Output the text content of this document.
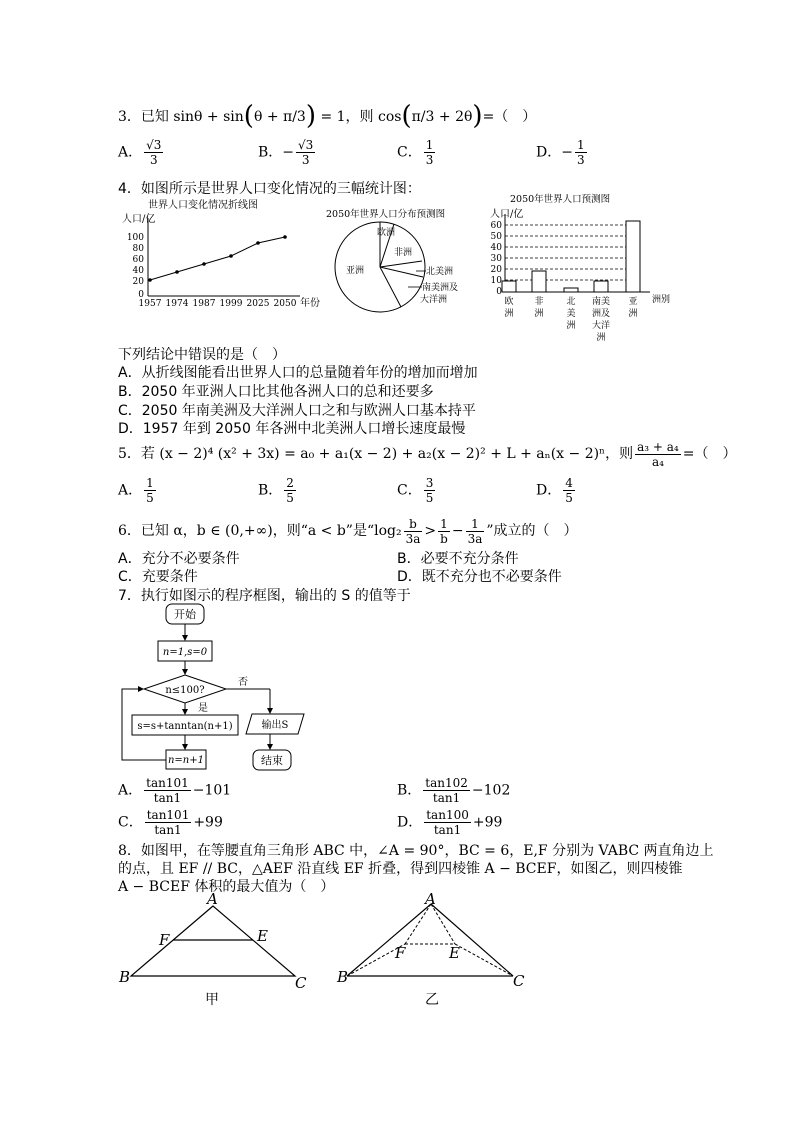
3．已知 sinθ + sin(θ + π/3) = 1，则 cos(π/3 + 2θ)=（　）
A． $\frac{√3}{3}$	B．− $\frac{√3}{3}$	C． $\frac{1}{3}$	D．− $\frac{1}{3}$
4．如图所示是世界人口变化情况的三幅统计图：
世界人口变化情况折线图
人口/亿
100
80
60
40
20
0
1957 1974 1987 1999 2025 2050 年份
2050年世界人口分布预测图
欧洲
非洲
亚洲	北美洲
南美洲及
大洋洲
2050年世界人口预测图
人口/亿
60
50
40
30
20
10
0
洲别
欧
洲
非
洲
北
美
洲
南美
洲及
大洋
洲
亚
洲
下列结论中错误的是（　）
A．从折线图能看出世界人口的总量随着年份的增加而增加
B．2050 年亚洲人口比其他各洲人口的总和还要多
C．2050 年南美洲及大洋洲人口之和与欧洲人口基本持平
D．1957 年到 2050 年各洲中北美洲人口增长速度最慢
5．若 (x − 2)⁴ (x² + 3x) = a₀ + a₁(x − 2) + a₂(x − 2)² + L + aₙ(x − 2)ⁿ，则 $\frac{\text{a₃ + a₄}}{\text{a₄}}$ =（　）
A． $\frac{1}{5}$	B． $\frac{2}{5}$	C． $\frac{3}{5}$	D． $\frac{4}{5}$
6．已知 α，b ∈ (0,+∞)，则“a < b”是“$\log_2 \frac{b}{3a} > \frac{1}{b} - \frac{1}{3a}$ ”成立的（　）
A．充分不必要条件	B．必要不充分条件
C．充要条件	D．既不充分也不必要条件
7．执行如图示的程序框图，输出的 S 的值等于
开始
n=1,s=0
n≤100?
否
是
s=s+tanntan(n+1)
n=n+1
输出S
结束
A． $\frac{\tan 101}{\tan 1} -101$	B． $\frac{\tan 102}{\tan 1} -102$
C． $\frac{\tan 101}{\tan 1} +99$	D． $\frac{\tan 100}{\tan 1} +99$
8．如图甲，在等腰直角三角形 ABC 中，∠A = 90°，BC = 6，E,F 分别为 VABC 两直角边上
的点，且 EF // BC，△AEF 沿直线 EF 折叠，得到四棱锥 A − BCEF，如图乙，则四棱锥
A − BCEF 体积的最大值为（　）
A
F	E
B	C
甲
A
F	E
B	C
乙
